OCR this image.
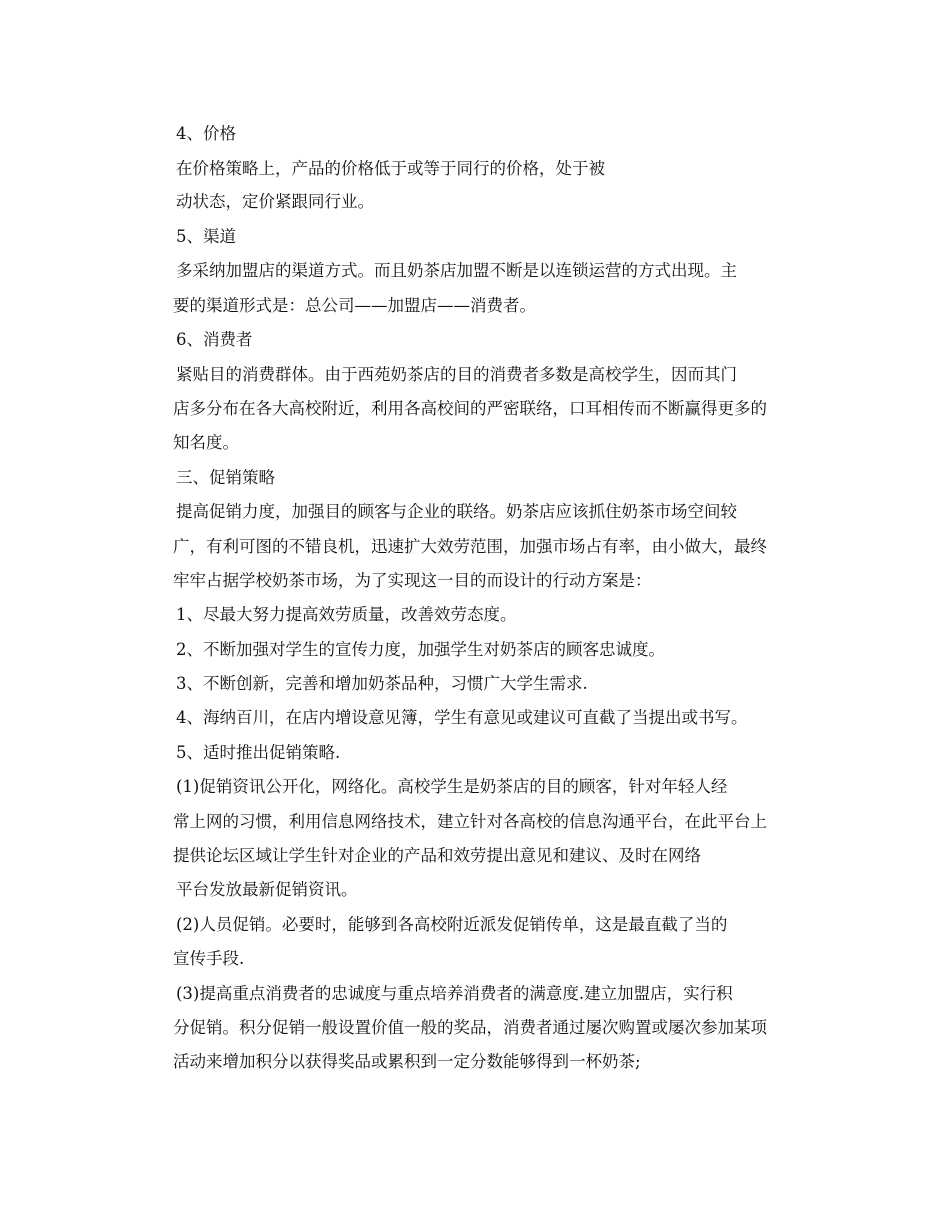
4、价格

在价格策略上，产品的价格低于或等于同行的价格，处于被

动状态，定价紧跟同行业。

5、渠道

多采纳加盟店的渠道方式。而且奶茶店加盟不断是以连锁运营的方式出现。主

要的渠道形式是：总公司——加盟店——消费者。

6、消费者

紧贴目的消费群体。由于西苑奶茶店的目的消费者多数是高校学生，因而其门

店多分布在各大高校附近，利用各高校间的严密联络，口耳相传而不断赢得更多的

知名度。

三、促销策略

提高促销力度，加强目的顾客与企业的联络。奶茶店应该抓住奶茶市场空间较

广，有利可图的不错良机，迅速扩大效劳范围，加强市场占有率，由小做大，最终

牢牢占据学校奶茶市场，为了实现这一目的而设计的行动方案是：

1、尽最大努力提高效劳质量，改善效劳态度。

2、不断加强对学生的宣传力度，加强学生对奶茶店的顾客忠诚度。

3、不断创新，完善和增加奶茶品种，习惯广大学生需求.

4、海纳百川，在店内增设意见簿，学生有意见或建议可直截了当提出或书写。

5、适时推出促销策略.

(1)促销资讯公开化，网络化。高校学生是奶茶店的目的顾客，针对年轻人经

常上网的习惯，利用信息网络技术，建立针对各高校的信息沟通平台，在此平台上

提供论坛区域让学生针对企业的产品和效劳提出意见和建议、及时在网络

平台发放最新促销资讯。

(2)人员促销。必要时，能够到各高校附近派发促销传单，这是最直截了当的

宣传手段.

(3)提高重点消费者的忠诚度与重点培养消费者的满意度.建立加盟店，实行积

分促销。积分促销一般设置价值一般的奖品，消费者通过屡次购置或屡次参加某项

活动来增加积分以获得奖品或累积到一定分数能够得到一杯奶茶;
